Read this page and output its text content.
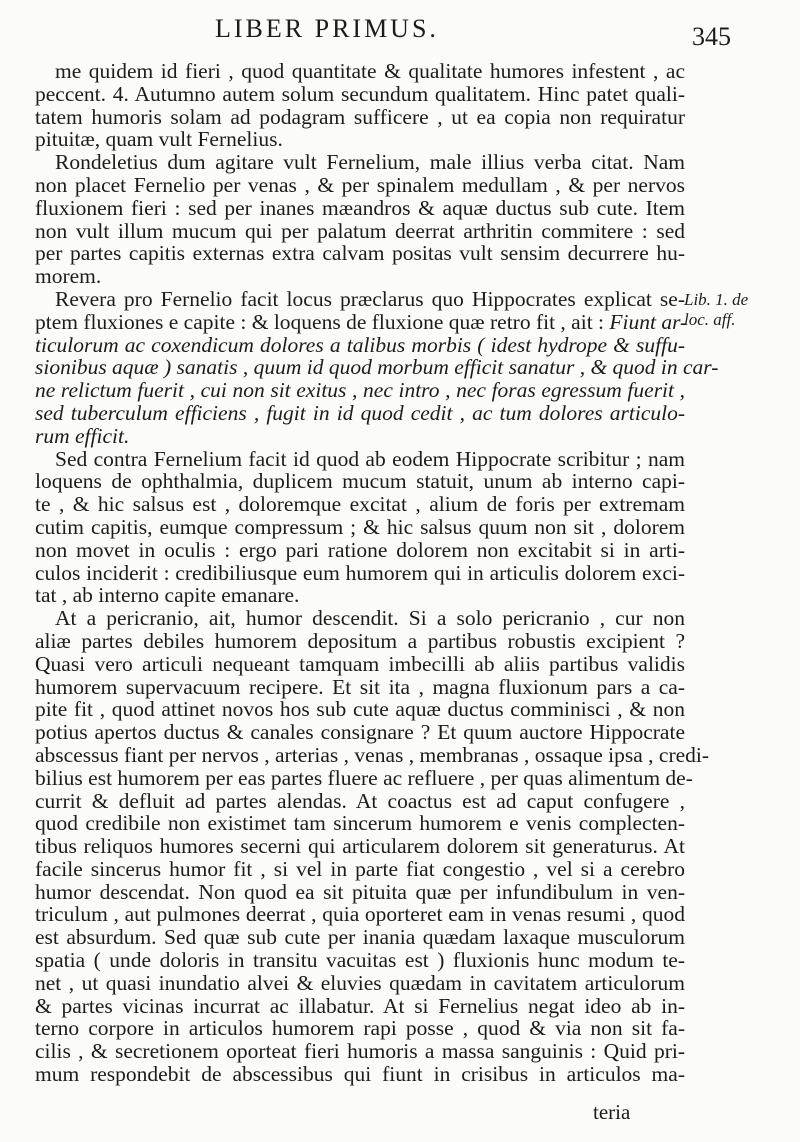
LIBER PRIMUS.	345
Lib. 1. de
loc. aff.

me quidem id fieri , quod quantitate & qualitate humores infestent , ac
peccent. 4. Autumno autem solum secundum qualitatem. Hinc patet quali-
tatem humoris solam ad podagram sufficere , ut ea copia non requiratur
pituitæ, quam vult Fernelius.

Rondeletius dum agitare vult Fernelium, male illius verba citat. Nam
non placet Fernelio per venas , & per spinalem medullam , & per nervos
fluxionem fieri : sed per inanes mæandros & aquæ ductus sub cute. Item
non vult illum mucum qui per palatum deerrat arthritin commitere : sed
per partes capitis externas extra calvam positas vult sensim decurrere hu-
morem.

Revera pro Fernelio facit locus præclarus quo Hippocrates explicat se-
ptem fluxiones e capite : & loquens de fluxione quæ retro fit , ait : Fiunt ar-
ticulorum ac coxendicum dolores a talibus morbis ( idest hydrope & suffu-
sionibus aquæ ) sanatis , quum id quod morbum efficit sanatur , & quod in car-
ne relictum fuerit , cui non sit exitus , nec intro , nec foras egressum fuerit ,
sed tuberculum efficiens , fugit in id quod cedit , ac tum dolores articulo-
rum efficit.

Sed contra Fernelium facit id quod ab eodem Hippocrate scribitur ; nam
loquens de ophthalmia, duplicem mucum statuit, unum ab interno capi-
te , & hic salsus est , doloremque excitat , alium de foris per extremam
cutim capitis, eumque compressum ; & hic salsus quum non sit , dolorem
non movet in oculis : ergo pari ratione dolorem non excitabit si in arti-
culos inciderit : credibiliusque eum humorem qui in articulis dolorem exci-
tat , ab interno capite emanare.

At a pericranio, ait, humor descendit. Si a solo pericranio , cur non
aliæ partes debiles humorem depositum a partibus robustis excipient ?
Quasi vero articuli nequeant tamquam imbecilli ab aliis partibus validis
humorem supervacuum recipere. Et sit ita , magna fluxionum pars a ca-
pite fit , quod attinet novos hos sub cute aquæ ductus comminisci , & non
potius apertos ductus & canales consignare ? Et quum auctore Hippocrate
abscessus fiant per nervos , arterias , venas , membranas , ossaque ipsa , credi-
bilius est humorem per eas partes fluere ac refluere , per quas alimentum de-
currit & defluit ad partes alendas. At coactus est ad caput confugere ,
quod credibile non existimet tam sincerum humorem e venis complecten-
tibus reliquos humores secerni qui articularem dolorem sit generaturus. At
facile sincerus humor fit , si vel in parte fiat congestio , vel si a cerebro
humor descendat. Non quod ea sit pituita quæ per infundibulum in ven-
triculum , aut pulmones deerrat , quia oporteret eam in venas resumi , quod
est absurdum. Sed quæ sub cute per inania quædam laxaque musculorum
spatia ( unde doloris in transitu vacuitas est ) fluxionis hunc modum te-
net , ut quasi inundatio alvei & eluvies quædam in cavitatem articulorum
& partes vicinas incurrat ac illabatur. At si Fernelius negat ideo ab in-
terno corpore in articulos humorem rapi posse , quod & via non sit fa-
cilis , & secretionem oporteat fieri humoris a massa sanguinis : Quid pri-
mum respondebit de abscessibus qui fiunt in crisibus in articulos ma-

teria
